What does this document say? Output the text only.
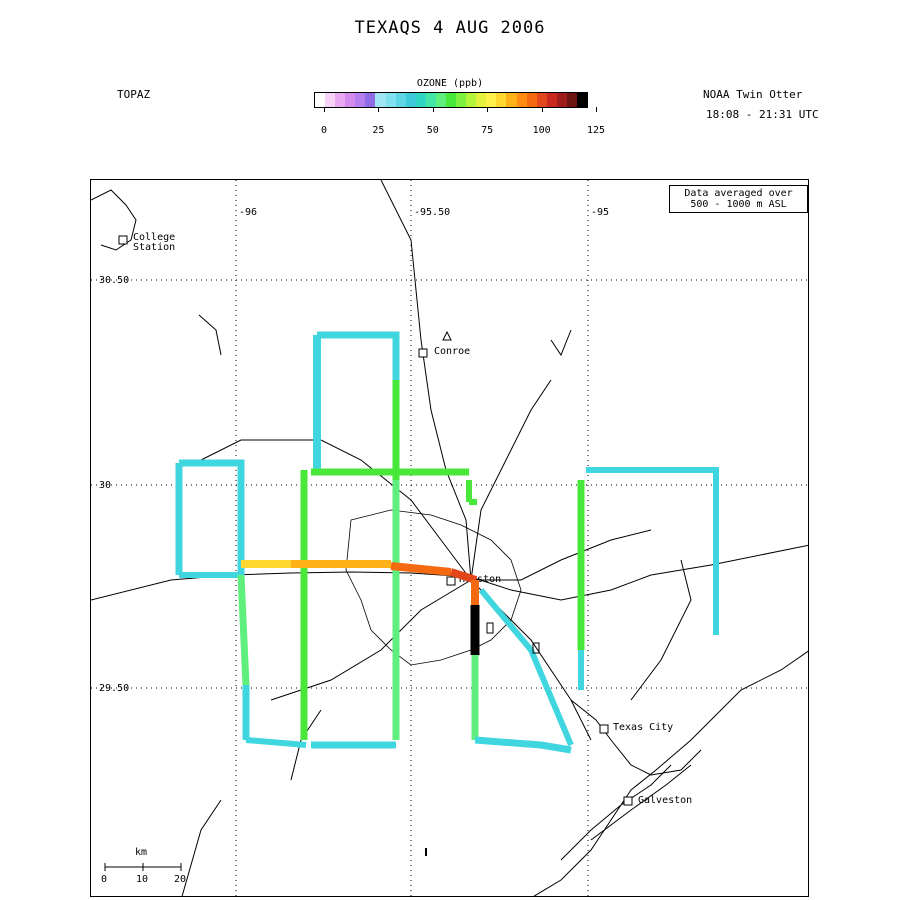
TEXAQS 4 AUG 2006
TOPAZ	NOAA Twin Otter
18:08 - 21:31 UTC
OZONE (ppb)
0	25	50	75	100	125
-96	-95.50	-95
30.50
30
29.50
College
Station
Conroe
Houston
Texas City
Galveston
km
0	10	20
Data averaged over
500 - 1000 m ASL
